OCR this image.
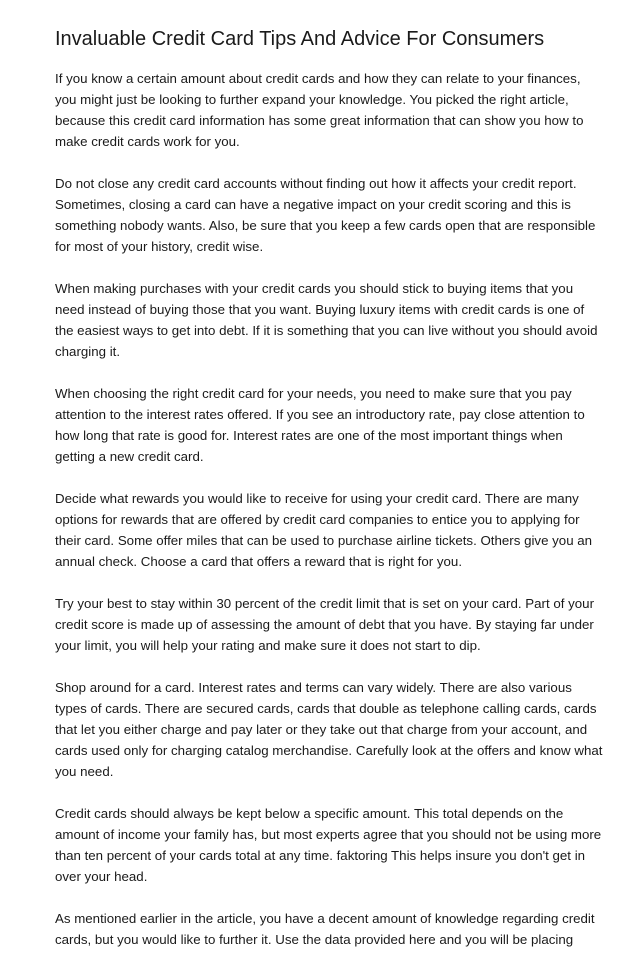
Invaluable Credit Card Tips And Advice For Consumers

If you know a certain amount about credit cards and how they can relate to your finances,
you might just be looking to further expand your knowledge. You picked the right article,
because this credit card information has some great information that can show you how to
make credit cards work for you.

Do not close any credit card accounts without finding out how it affects your credit report.
Sometimes, closing a card can have a negative impact on your credit scoring and this is
something nobody wants. Also, be sure that you keep a few cards open that are responsible
for most of your history, credit wise.

When making purchases with your credit cards you should stick to buying items that you
need instead of buying those that you want. Buying luxury items with credit cards is one of
the easiest ways to get into debt. If it is something that you can live without you should avoid
charging it.

When choosing the right credit card for your needs, you need to make sure that you pay
attention to the interest rates offered. If you see an introductory rate, pay close attention to
how long that rate is good for. Interest rates are one of the most important things when
getting a new credit card.

Decide what rewards you would like to receive for using your credit card. There are many
options for rewards that are offered by credit card companies to entice you to applying for
their card. Some offer miles that can be used to purchase airline tickets. Others give you an
annual check. Choose a card that offers a reward that is right for you.

Try your best to stay within 30 percent of the credit limit that is set on your card. Part of your
credit score is made up of assessing the amount of debt that you have. By staying far under
your limit, you will help your rating and make sure it does not start to dip.

Shop around for a card. Interest rates and terms can vary widely. There are also various
types of cards. There are secured cards, cards that double as telephone calling cards, cards
that let you either charge and pay later or they take out that charge from your account, and
cards used only for charging catalog merchandise. Carefully look at the offers and know what
you need.

Credit cards should always be kept below a specific amount. This total depends on the
amount of income your family has, but most experts agree that you should not be using more
than ten percent of your cards total at any time. faktoring This helps insure you don't get in
over your head.

As mentioned earlier in the article, you have a decent amount of knowledge regarding credit
cards, but you would like to further it. Use the data provided here and you will be placing
